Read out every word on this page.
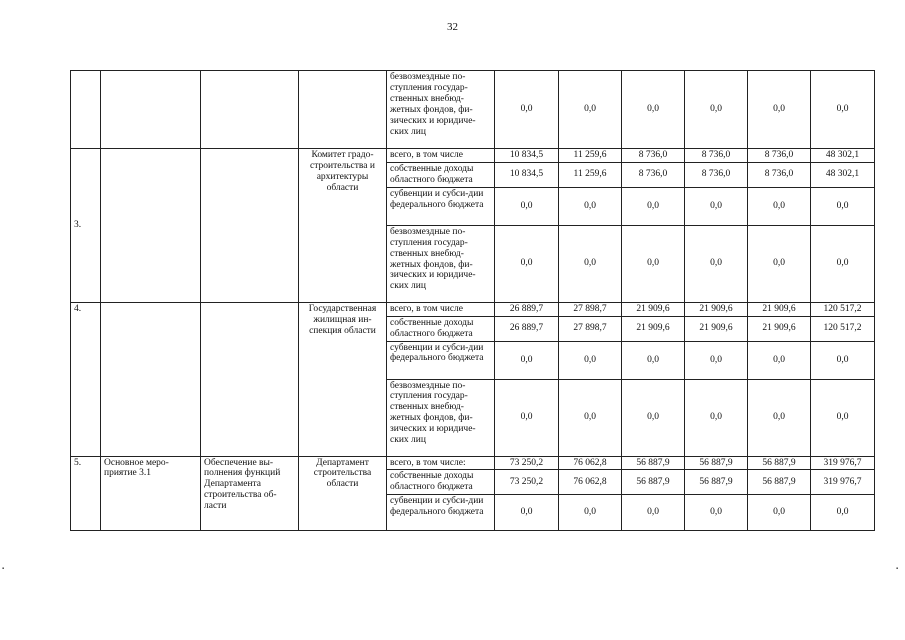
32
				безвозмездные по-ступления государ-ственных внебюд-жетных фондов, фи-зических и юридиче-ских лиц	0,0	0,0	0,0	0,0	0,0	0,0
3.			Комитет градо-строительства и архитектуры области	всего, в том числе	10 834,5	11 259,6	8 736,0	8 736,0	8 736,0	48 302,1
				собственные доходы областного бюджета	10 834,5	11 259,6	8 736,0	8 736,0	8 736,0	48 302,1
				субвенции и субси-дии федерального бюджета	0,0	0,0	0,0	0,0	0,0	0,0
				безвозмездные по-ступления государ-ственных внебюд-жетных фондов, фи-зических и юридиче-ских лиц	0,0	0,0	0,0	0,0	0,0	0,0
4.			Государственная жилищная ин-спекция области	всего, в том числе	26 889,7	27 898,7	21 909,6	21 909,6	21 909,6	120 517,2
				собственные доходы областного бюджета	26 889,7	27 898,7	21 909,6	21 909,6	21 909,6	120 517,2
				субвенции и субси-дии федерального бюджета	0,0	0,0	0,0	0,0	0,0	0,0
				безвозмездные по-ступления государ-ственных внебюд-жетных фондов, фи-зических и юридиче-ских лиц	0,0	0,0	0,0	0,0	0,0	0,0
5.	Основное меро-приятие 3.1	Обеспечение вы-полнения функций Департамента строительства об-ласти	Департамент строительства области	всего, в том числе:	73 250,2	76 062,8	56 887,9	56 887,9	56 887,9	319 976,7
				собственные доходы областного бюджета	73 250,2	76 062,8	56 887,9	56 887,9	56 887,9	319 976,7
				субвенции и субси-дии федерального бюджета	0,0	0,0	0,0	0,0	0,0	0,0
▪	▪
